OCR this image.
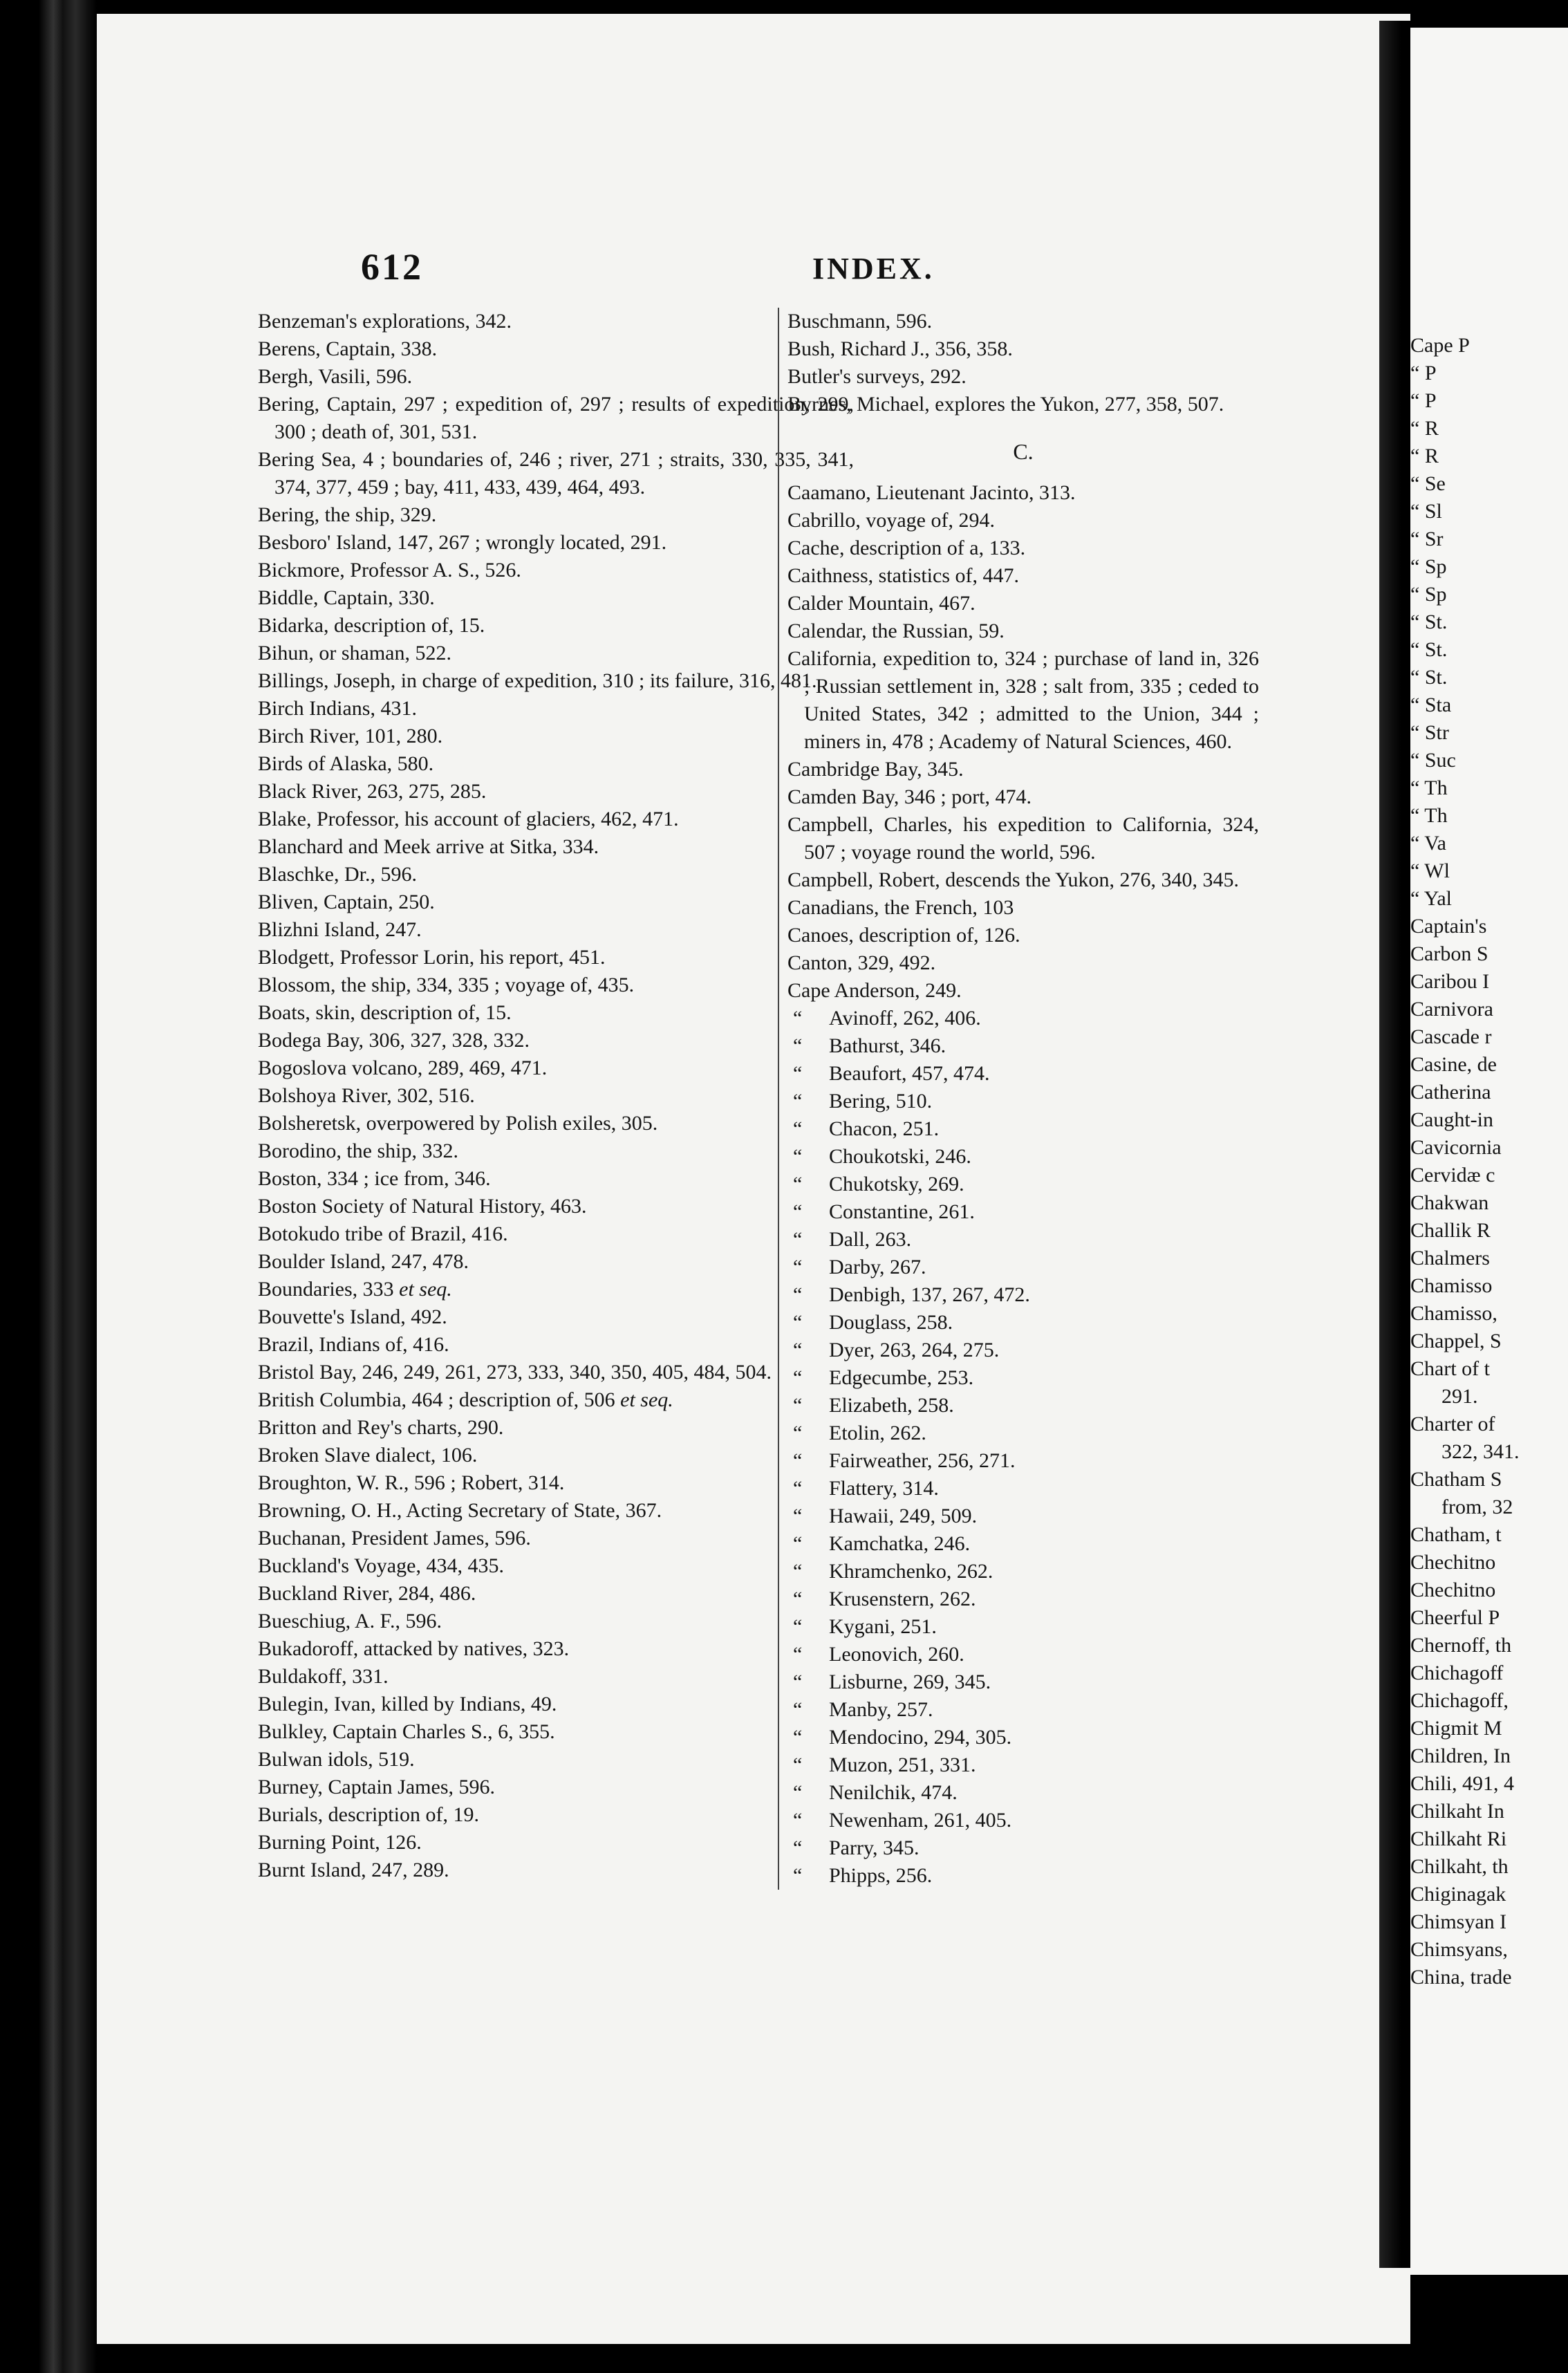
612	INDEX.
Cape P
“ P
“ P
“ R
“ R
“ Se
“ Sl
“ Sr
“ Sp
“ Sp
“ St.
“ St.
“ St.
“ Sta
“ Str
“ Suc
“ Th
“ Th
“ Va
“ Wl
“ Yal
Captain's
Carbon S
Caribou I
Carnivora
Cascade r
Casine, de
Catherina
Caught-in
Cavicornia
Cervidæ c
Chakwan
Challik R
Chalmers
Chamisso
Chamisso,
Chappel, S
Chart of t
291.
Charter of
322, 341.
Chatham S
from, 32
Chatham, t
Chechitno
Chechitno
Cheerful P
Chernoff, th
Chichagoff
Chichagoff,
Chigmit M
Children, In
Chili, 491, 4
Chilkaht In
Chilkaht Ri
Chilkaht, th
Chiginagak
Chimsyan I
Chimsyans,
China, trade
Benzeman's explorations, 342.
Berens, Captain, 338.
Bergh, Vasili, 596.
Bering, Captain, 297 ; expedition of, 297 ; results of expedition, 299, 300 ; death of, 301, 531.
Bering Sea, 4 ; boundaries of, 246 ; river, 271 ; straits, 330, 335, 341, 374, 377, 459 ; bay, 411, 433, 439, 464, 493.
Bering, the ship, 329.
Besboro' Island, 147, 267 ; wrongly located, 291.
Bickmore, Professor A. S., 526.
Biddle, Captain, 330.
Bidarka, description of, 15.
Bihun, or shaman, 522.
Billings, Joseph, in charge of expedition, 310 ; its failure, 316, 481.
Birch Indians, 431.
Birch River, 101, 280.
Birds of Alaska, 580.
Black River, 263, 275, 285.
Blake, Professor, his account of glaciers, 462, 471.
Blanchard and Meek arrive at Sitka, 334.
Blaschke, Dr., 596.
Bliven, Captain, 250.
Blizhni Island, 247.
Blodgett, Professor Lorin, his report, 451.
Blossom, the ship, 334, 335 ; voyage of, 435.
Boats, skin, description of, 15.
Bodega Bay, 306, 327, 328, 332.
Bogoslova volcano, 289, 469, 471.
Bolshoya River, 302, 516.
Bolsheretsk, overpowered by Polish exiles, 305.
Borodino, the ship, 332.
Boston, 334 ; ice from, 346.
Boston Society of Natural History, 463.
Botokudo tribe of Brazil, 416.
Boulder Island, 247, 478.
Boundaries, 333 et seq.
Bouvette's Island, 492.
Brazil, Indians of, 416.
Bristol Bay, 246, 249, 261, 273, 333, 340, 350, 405, 484, 504.
British Columbia, 464 ; description of, 506 et seq.
Britton and Rey's charts, 290.
Broken Slave dialect, 106.
Broughton, W. R., 596 ; Robert, 314.
Browning, O. H., Acting Secretary of State, 367.
Buchanan, President James, 596.
Buckland's Voyage, 434, 435.
Buckland River, 284, 486.
Bueschiug, A. F., 596.
Bukadoroff, attacked by natives, 323.
Buldakoff, 331.
Bulegin, Ivan, killed by Indians, 49.
Bulkley, Captain Charles S., 6, 355.
Bulwan idols, 519.
Burney, Captain James, 596.
Burials, description of, 19.
Burning Point, 126.
Burnt Island, 247, 289.
Buschmann, 596.
Bush, Richard J., 356, 358.
Butler's surveys, 292.
Byrnes, Michael, explores the Yukon, 277, 358, 507.
C.
Caamano, Lieutenant Jacinto, 313.
Cabrillo, voyage of, 294.
Cache, description of a, 133.
Caithness, statistics of, 447.
Calder Mountain, 467.
Calendar, the Russian, 59.
California, expedition to, 324 ; purchase of land in, 326 ; Russian settlement in, 328 ; salt from, 335 ; ceded to United States, 342 ; admitted to the Union, 344 ; miners in, 478 ; Academy of Natural Sciences, 460.
Cambridge Bay, 345.
Camden Bay, 346 ; port, 474.
Campbell, Charles, his expedition to California, 324, 507 ; voyage round the world, 596.
Campbell, Robert, descends the Yukon, 276, 340, 345.
Canadians, the French, 103
Canoes, description of, 126.
Canton, 329, 492.
Cape Anderson, 249.
“	Avinoff, 262, 406.
“	Bathurst, 346.
“	Beaufort, 457, 474.
“	Bering, 510.
“	Chacon, 251.
“	Choukotski, 246.
“	Chukotsky, 269.
“	Constantine, 261.
“	Dall, 263.
“	Darby, 267.
“	Denbigh, 137, 267, 472.
“	Douglass, 258.
“	Dyer, 263, 264, 275.
“	Edgecumbe, 253.
“	Elizabeth, 258.
“	Etolin, 262.
“	Fairweather, 256, 271.
“	Flattery, 314.
“	Hawaii, 249, 509.
“	Kamchatka, 246.
“	Khramchenko, 262.
“	Krusenstern, 262.
“	Kygani, 251.
“	Leonovich, 260.
“	Lisburne, 269, 345.
“	Manby, 257.
“	Mendocino, 294, 305.
“	Muzon, 251, 331.
“	Nenilchik, 474.
“	Newenham, 261, 405.
“	Parry, 345.
“	Phipps, 256.
